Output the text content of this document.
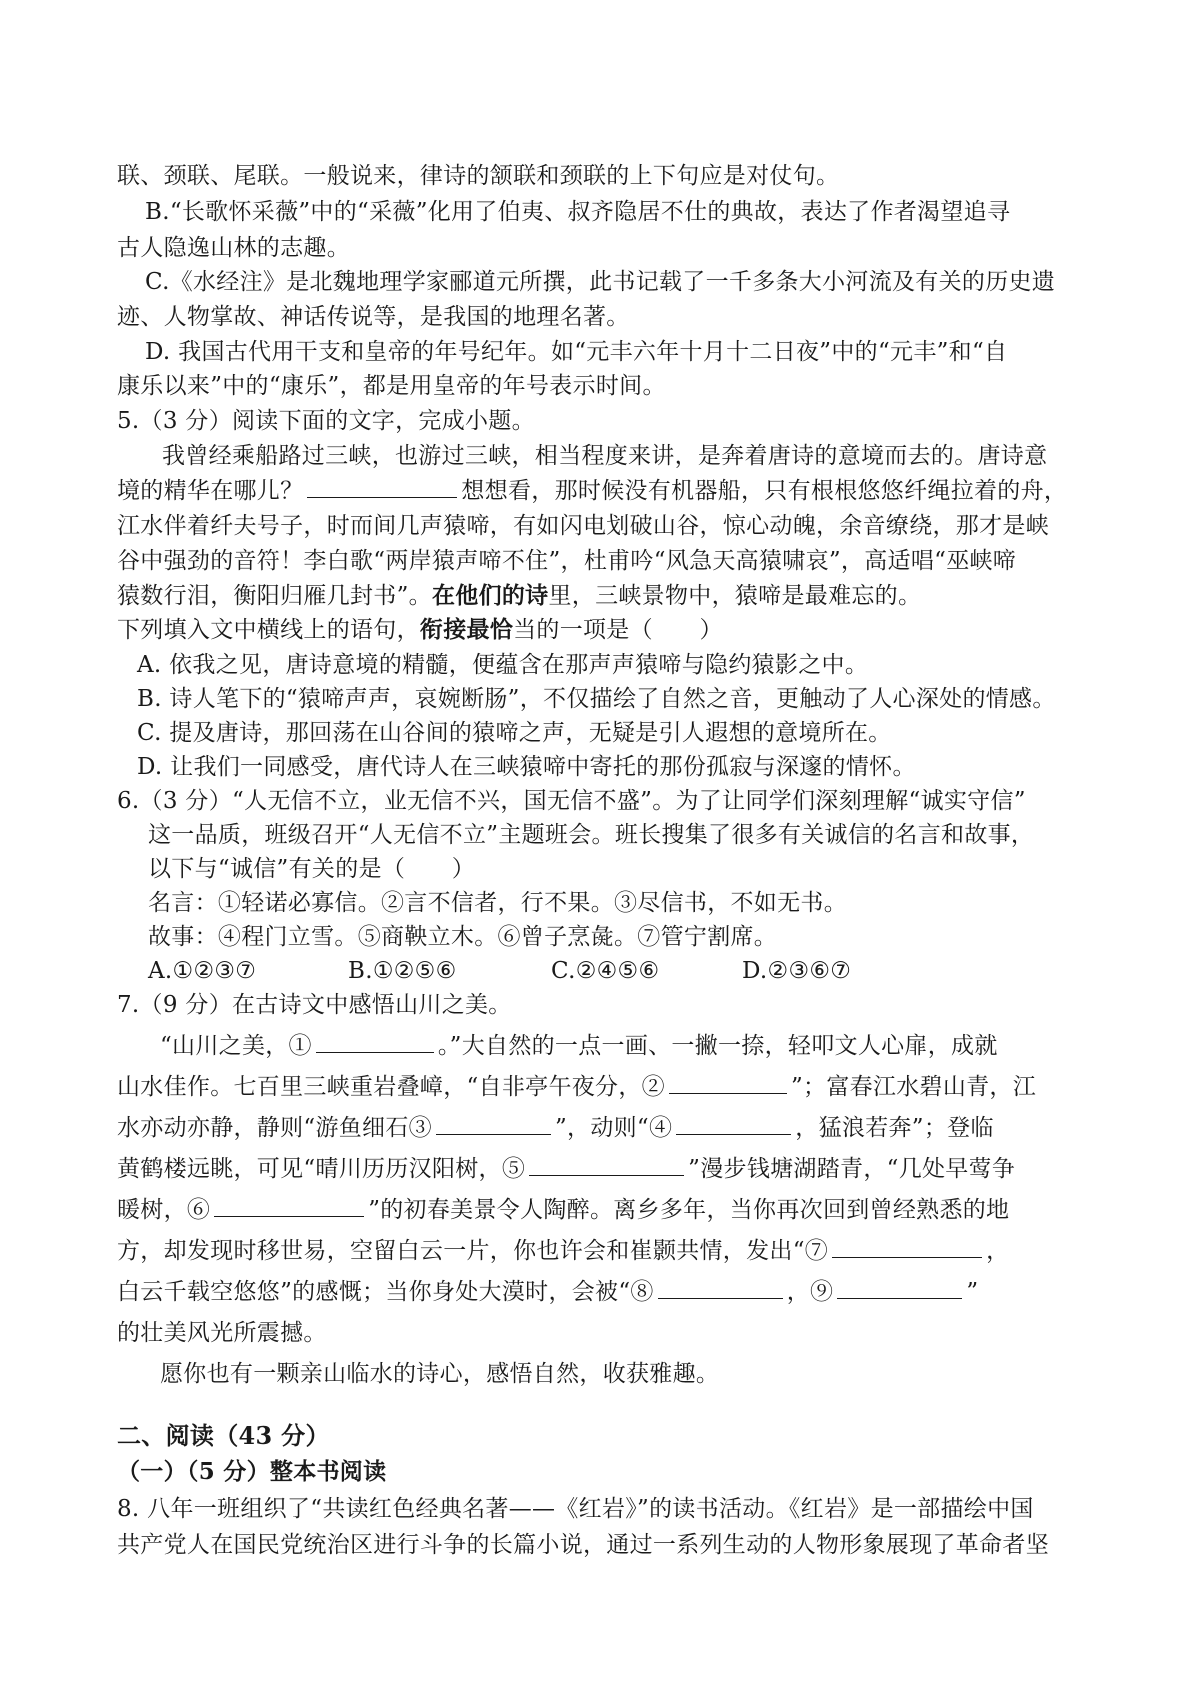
联、颈联、尾联。一般说来，律诗的颔联和颈联的上下句应是对仗句。
B.“长歌怀采薇”中的“采薇”化用了伯夷、叔齐隐居不仕的典故，表达了作者渴望追寻
古人隐逸山林的志趣。
C.《水经注》是北魏地理学家郦道元所撰，此书记载了一千多条大小河流及有关的历史遗
迹、人物掌故、神话传说等，是我国的地理名著。
D. 我国古代用干支和皇帝的年号纪年。如“元丰六年十月十二日夜”中的“元丰”和“自
康乐以来”中的“康乐”，都是用皇帝的年号表示时间。
5.（3 分）阅读下面的文字，完成小题。
我曾经乘船路过三峡，也游过三峡，相当程度来讲，是奔着唐诗的意境而去的。唐诗意
境的精华在哪儿？	想想看，那时候没有机器船，只有根根悠悠纤绳拉着的舟，
江水伴着纤夫号子，时而间几声猿啼，有如闪电划破山谷，惊心动魄，余音缭绕，那才是峡
谷中强劲的音符！李白歌“两岸猿声啼不住”，杜甫吟“风急天高猿啸哀”，高适唱“巫峡啼
猿数行泪，衡阳归雁几封书”。在他们的诗里，三峡景物中，猿啼是最难忘的。
下列填入文中横线上的语句，衔接最恰当的一项是（　　）
A. 依我之见，唐诗意境的精髓，便蕴含在那声声猿啼与隐约猿影之中。
B. 诗人笔下的“猿啼声声，哀婉断肠”，不仅描绘了自然之音，更触动了人心深处的情感。
C. 提及唐诗，那回荡在山谷间的猿啼之声，无疑是引人遐想的意境所在。
D. 让我们一同感受，唐代诗人在三峡猿啼中寄托的那份孤寂与深邃的情怀。
6.（3 分）“人无信不立，业无信不兴，国无信不盛”。为了让同学们深刻理解“诚实守信”
这一品质，班级召开“人无信不立”主题班会。班长搜集了很多有关诚信的名言和故事，
以下与“诚信”有关的是（　　）
名言：①轻诺必寡信。②言不信者，行不果。③尽信书，不如无书。
故事：④程门立雪。⑤商鞅立木。⑥曾子烹彘。⑦管宁割席。
A.①②③⑦	B.①②⑤⑥	C.②④⑤⑥	D.②③⑥⑦
7.（9 分）在古诗文中感悟山川之美。
“山川之美，①	。”大自然的一点一画、一撇一捺，轻叩文人心扉，成就
山水佳作。七百里三峡重岩叠嶂，“自非亭午夜分，②	”；富春江水碧山青，江
水亦动亦静，静则“游鱼细石③	”，动则“④	，猛浪若奔”；登临
黄鹤楼远眺，可见“晴川历历汉阳树，⑤	”漫步钱塘湖踏青，“几处早莺争
暖树，⑥	”的初春美景令人陶醉。离乡多年，当你再次回到曾经熟悉的地
方，却发现时移世易，空留白云一片，你也许会和崔颢共情，发出“⑦	，
白云千载空悠悠”的感慨；当你身处大漠时，会被“⑧	，⑨	”
的壮美风光所震撼。
愿你也有一颗亲山临水的诗心，感悟自然，收获雅趣。
二、阅读（43 分）
（一）（5 分）整本书阅读
8. 八年一班组织了“共读红色经典名著——《红岩》”的读书活动。《红岩》是一部描绘中国
共产党人在国民党统治区进行斗争的长篇小说，通过一系列生动的人物形象展现了革命者坚
